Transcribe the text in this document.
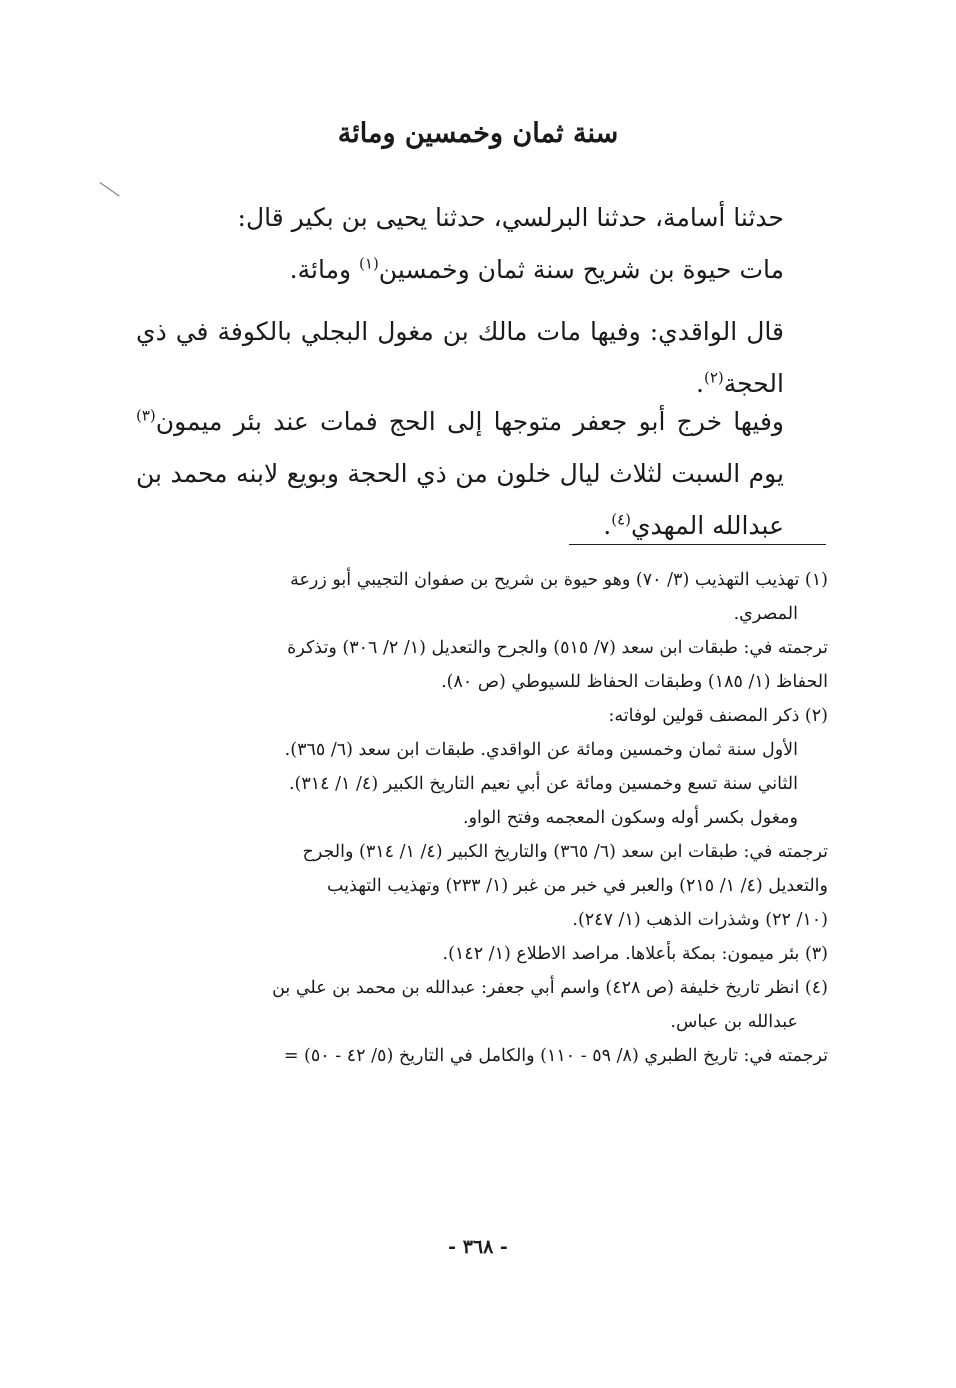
سنة ثمان وخمسين ومائة
حدثنا أسامة، حدثنا البرلسي، حدثنا يحيى بن بكير قال:
مات حيوة بن شريح سنة ثمان وخمسين$^{(١)}$ ومائة.
قال الواقدي: وفيها مات مالك بن مغول البجلي بالكوفة في ذي الحجة$^{(٢)}$.
وفيها خرج أبو جعفر متوجها إلى الحج فمات عند بئر ميمون$^{(٣)}$ يوم السبت لثلاث ليال خلون من ذي الحجة وبويع لابنه محمد بن عبدالله المهدي$^{(٤)}$.
(١) تهذيب التهذيب (٣/ ٧٠) وهو حيوة بن شريح بن صفوان التجيبي أبو زرعة
المصري.
ترجمته في: طبقات ابن سعد (٧/ ٥١٥) والجرح والتعديل (١/ ٢/ ٣٠٦) وتذكرة
الحفاظ (١/ ١٨٥) وطبقات الحفاظ للسيوطي (ص ٨٠).
(٢) ذكر المصنف قولين لوفاته:
الأول سنة ثمان وخمسين ومائة عن الواقدي. طبقات ابن سعد (٦/ ٣٦٥).
الثاني سنة تسع وخمسين ومائة عن أبي نعيم التاريخ الكبير (٤/ ١/ ٣١٤).
ومغول بكسر أوله وسكون المعجمه وفتح الواو.
ترجمته في: طبقات ابن سعد (٦/ ٣٦٥) والتاريخ الكبير (٤/ ١/ ٣١٤) والجرح
والتعديل (٤/ ١/ ٢١٥) والعبر في خبر من غبر (١/ ٢٣٣) وتهذيب التهذيب
(١٠/ ٢٢) وشذرات الذهب (١/ ٢٤٧).
(٣) بئر ميمون: بمكة بأعلاها. مراصد الاطلاع (١/ ١٤٢).
(٤) انظر تاريخ خليفة (ص ٤٢٨) واسم أبي جعفر: عبدالله بن محمد بن علي بن
عبدالله بن عباس.
ترجمته في: تاريخ الطبري (٨/ ٥٩ - ١١٠) والكامل في التاريخ (٥/ ٤٢ - ٥٠) =
- ٣٦٨ -
